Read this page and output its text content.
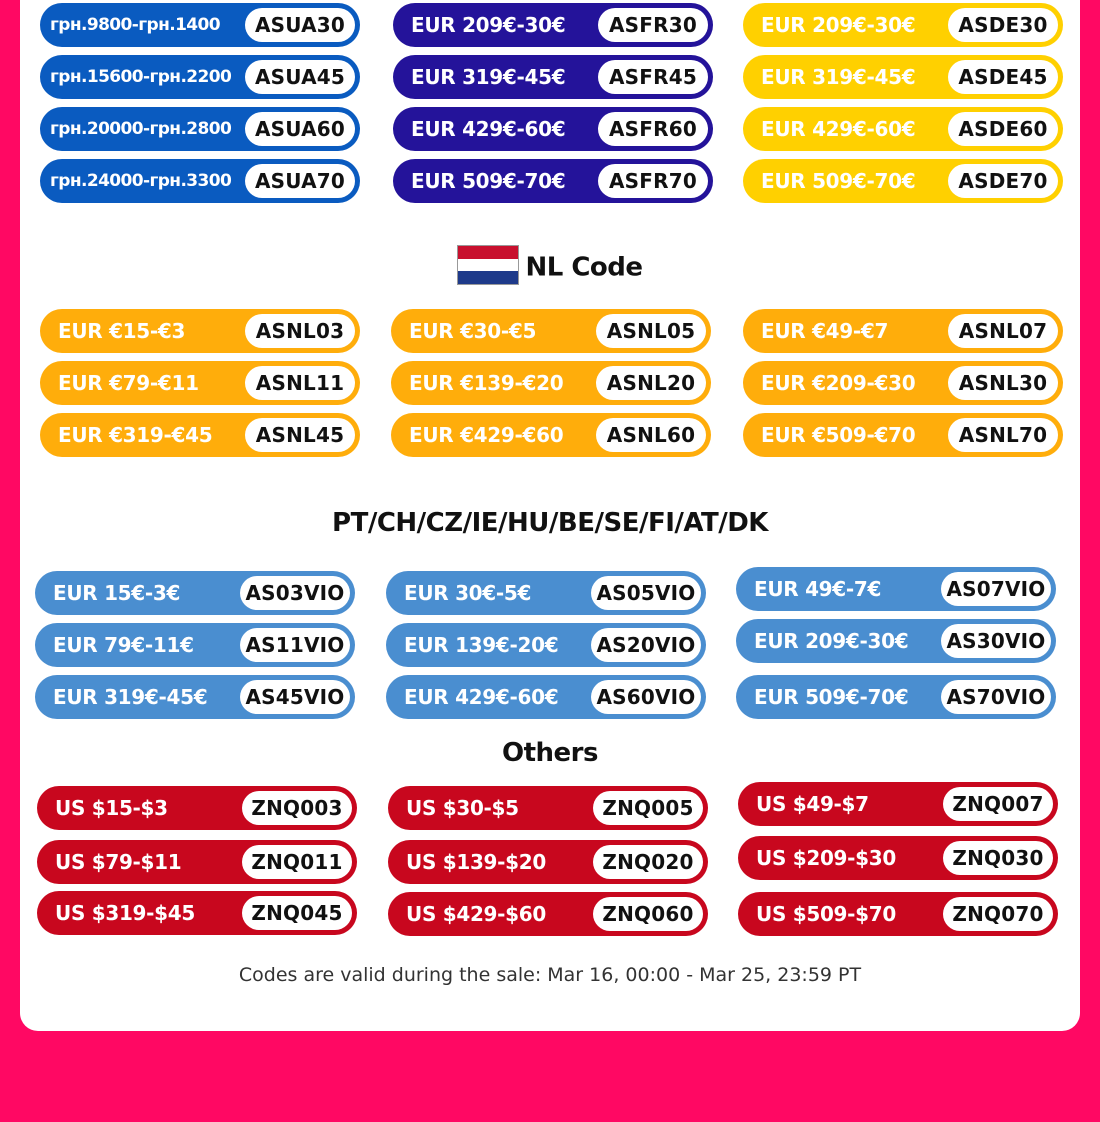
грн.9800-грн.1400	ASUA30
грн.15600-грн.2200	ASUA45
грн.20000-грн.2800	ASUA60
грн.24000-грн.3300	ASUA70
EUR 209€-30€	ASFR30
EUR 319€-45€	ASFR45
EUR 429€-60€	ASFR60
EUR 509€-70€	ASFR70
EUR 209€-30€	ASDE30
EUR 319€-45€	ASDE45
EUR 429€-60€	ASDE60
EUR 509€-70€	ASDE70
NL Code
EUR €15-€3	ASNL03	EUR €30-€5	ASNL05	EUR €49-€7	ASNL07
EUR €79-€11	ASNL11	EUR €139-€20	ASNL20	EUR €209-€30	ASNL30
EUR €319-€45	ASNL45	EUR €429-€60	ASNL60	EUR €509-€70	ASNL70
PT/CH/CZ/IE/HU/BE/SE/FI/AT/DK
EUR 15€-3€	AS03VIO	EUR 30€-5€	AS05VIO	EUR 49€-7€	AS07VIO
EUR 79€-11€	AS11VIO	EUR 139€-20€ AS20VIO	EUR 209€-30€ AS30VIO
EUR 319€-45€ AS45VIO	EUR 429€-60€ AS60VIO	EUR 509€-70€ AS70VIO
Others
US $15-$3	ZNQ003	US $30-$5	ZNQ005	US $49-$7	ZNQ007
US $79-$11	ZNQ011	US $139-$20	ZNQ020	US $209-$30	ZNQ030
US $319-$45	ZNQ045	US $429-$60	ZNQ060	US $509-$70	ZNQ070
Codes are valid during the sale: Mar 16, 00:00 - Mar 25, 23:59 PT
